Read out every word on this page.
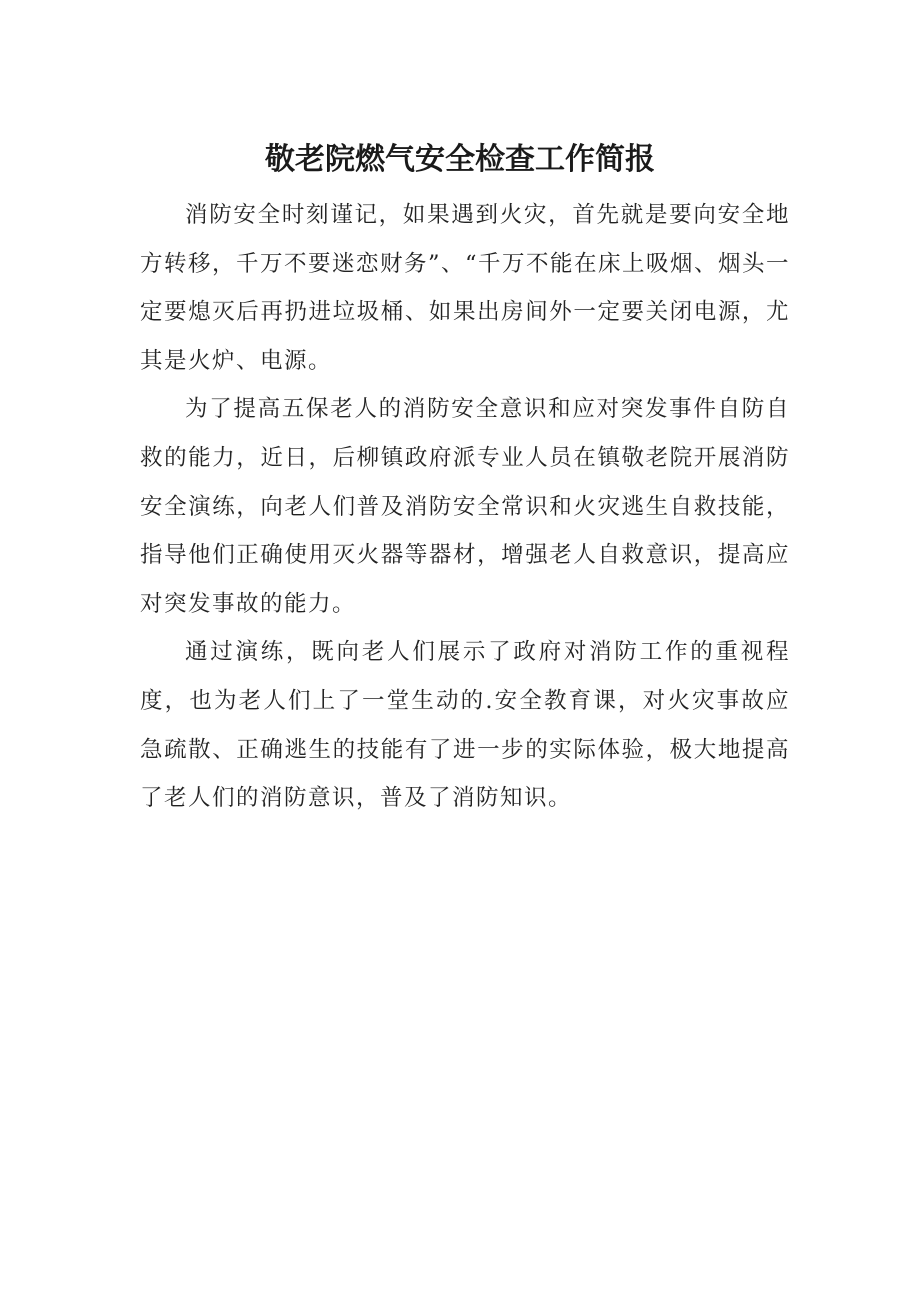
敬老院燃气安全检查工作简报

消防安全时刻谨记，如果遇到火灾，首先就是要向安全地方转移，千万不要迷恋财务”、“千万不能在床上吸烟、烟头一定要熄灭后再扔进垃圾桶、如果出房间外一定要关闭电源，尤其是火炉、电源。

为了提高五保老人的消防安全意识和应对突发事件自防自救的能力，近日，后柳镇政府派专业人员在镇敬老院开展消防安全演练，向老人们普及消防安全常识和火灾逃生自救技能，指导他们正确使用灭火器等器材，增强老人自救意识，提高应对突发事故的能力。

通过演练，既向老人们展示了政府对消防工作的重视程度，也为老人们上了一堂生动的.安全教育课，对火灾事故应急疏散、正确逃生的技能有了进一步的实际体验，极大地提高了老人们的消防意识，普及了消防知识。
